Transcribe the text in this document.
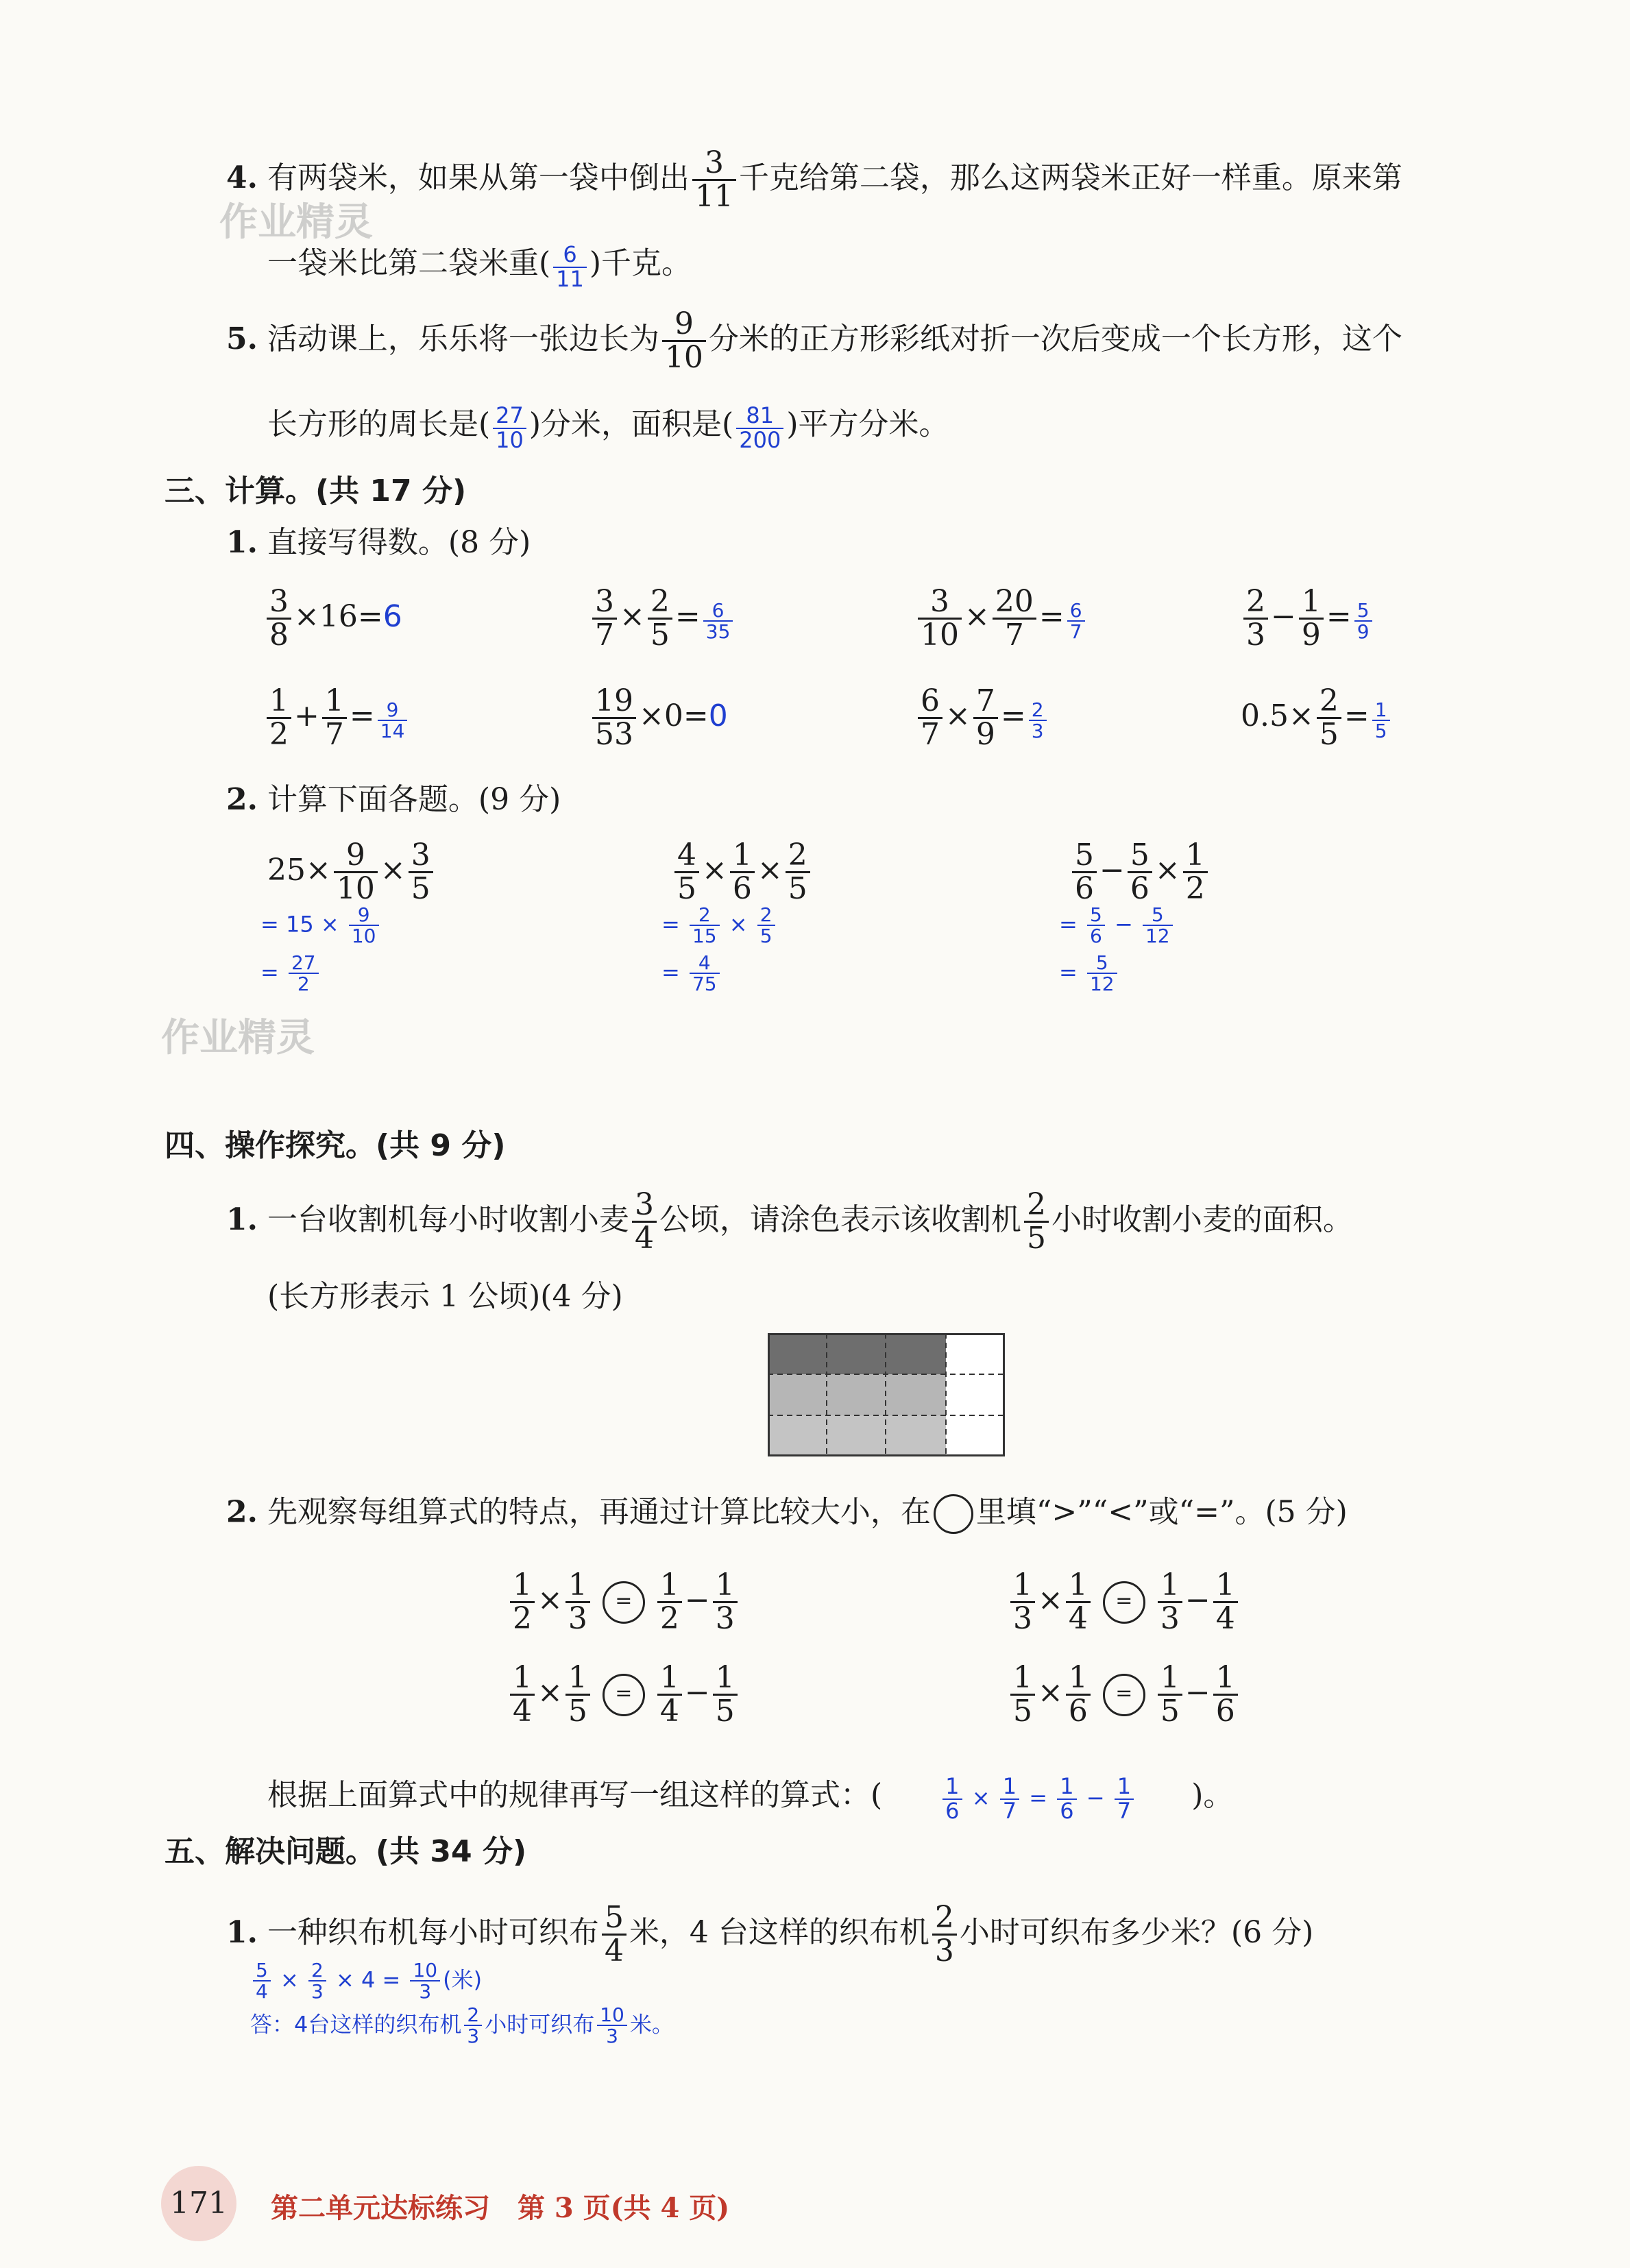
作业精灵
作业精灵
4. 有两袋米，如果从第一袋中倒出 $\frac{3}{11}$ 千克给第二袋，那么这两袋米正好一样重。原来第
一袋米比第二袋米重( $\frac{6}{11}$ )千克。
5. 活动课上，乐乐将一张边长为 $\frac{9}{10}$ 分米的正方形彩纸对折一次后变成一个长方形，这个
长方形的周长是( $\frac{27}{10}$ )分米，面积是( $\frac{81}{200}$ )平方分米。
三、计算。(共 17 分)
1. 直接写得数。(8 分)
$\frac{3}{8} \times 16=6$	$\frac{3}{7} \times \frac{2}{5} = \frac{6}{35}$	$\frac{3}{10} \times \frac{20}{7} = \frac{6}{7}$	$\frac{2}{3} - \frac{1}{9} = \frac{5}{9}$
$\frac{1}{2} + \frac{1}{7} = \frac{9}{14}$	$\frac{19}{53} \times 0=0$	$\frac{6}{7} \times \frac{7}{9} = \frac{2}{3}$	$0.5\times \frac{2}{5} = \frac{1}{5}$
2. 计算下面各题。(9 分)
$25\times \frac{9}{10} \times \frac{3}{5}$
= $15 \times \frac{9}{10}$
= $\frac{27}{2}$
$\frac{4}{5} \times \frac{1}{6} \times \frac{2}{5}$
= $\frac{2}{15} \times \frac{2}{5}$
= $\frac{4}{75}$
$\frac{5}{6} - \frac{5}{6} \times \frac{1}{2}$
= $\frac{5}{6} - \frac{5}{12}$
= $\frac{5}{12}$
四、操作探究。(共 9 分)
1. 一台收割机每小时收割小麦 $\frac{3}{4}$ 公顷，请涂色表示该收割机 $\frac{2}{5}$ 小时收割小麦的面积。
(长方形表示 1 公顷)(4 分)
2. 先观察每组算式的特点，再通过计算比较大小，在 里填“>”“<”或“=”。(5 分)
$\frac{1}{2} \times \frac{1}{3} = \frac{1}{2} - \frac{1}{3}$	$\frac{1}{3} \times \frac{1}{4} = \frac{1}{3} - \frac{1}{4}$
$\frac{1}{4} \times \frac{1}{5} = \frac{1}{4} - \frac{1}{5}$	$\frac{1}{5} \times \frac{1}{6} = \frac{1}{5} - \frac{1}{6}$
根据上面算式中的规律再写一组这样的算式：(	$\frac{1}{6} \times \frac{1}{7} = \frac{1}{6} - \frac{1}{7}$ )。
五、解决问题。(共 34 分)
1. 一种织布机每小时可织布 $\frac{5}{4}$ 米，4 台这样的织布机 $\frac{2}{3}$ 小时可织布多少米？(6 分)
$\frac{5}{4} \times \frac{2}{3} \times 4 = \frac{10}{3}$ (米)
答：4台这样的织布机 $\frac{2}{3}$ 小时可织布 $\frac{10}{3}$ 米。
171	第二单元达标练习　第 3 页(共 4 页)
